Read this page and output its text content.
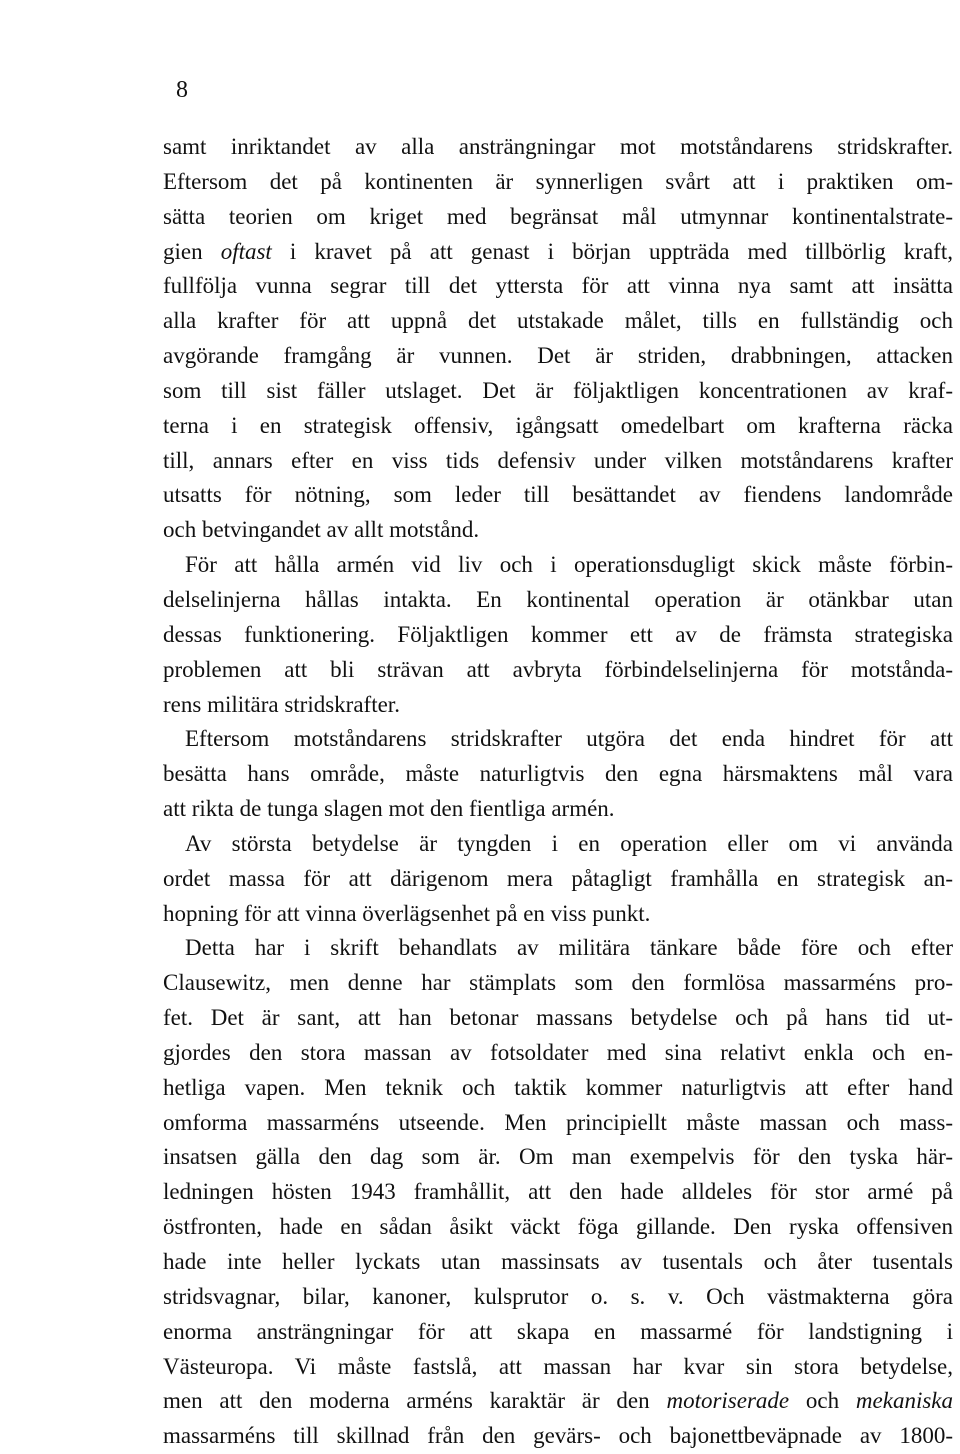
8
samt inriktandet av alla ansträngningar mot motståndarens stridskrafter.
Eftersom det på kontinenten är synnerligen svårt att i praktiken om-
sätta teorien om kriget med begränsat mål utmynnar kontinentalstrate-
gien oftast i kravet på att genast i början uppträda med tillbörlig kraft,
fullfölja vunna segrar till det yttersta för att vinna nya samt att insätta
alla krafter för att uppnå det utstakade målet, tills en fullständig och
avgörande framgång är vunnen. Det är striden, drabbningen, attacken
som till sist fäller utslaget. Det är följaktligen koncentrationen av kraf-
terna i en strategisk offensiv, igångsatt omedelbart om krafterna räcka
till, annars efter en viss tids defensiv under vilken motståndarens krafter
utsatts för nötning, som leder till besättandet av fiendens landområde
och betvingandet av allt motstånd.
För att hålla armén vid liv och i operationsdugligt skick måste förbin-
delselinjerna hållas intakta. En kontinental operation är otänkbar utan
dessas funktionering. Följaktligen kommer ett av de främsta strategiska
problemen att bli strävan att avbryta förbindelselinjerna för motstånda-
rens militära stridskrafter.
Eftersom motståndarens stridskrafter utgöra det enda hindret för att
besätta hans område, måste naturligtvis den egna härsmaktens mål vara
att rikta de tunga slagen mot den fientliga armén.
Av största betydelse är tyngden i en operation eller om vi använda
ordet massa för att därigenom mera påtagligt framhålla en strategisk an-
hopning för att vinna överlägsenhet på en viss punkt.
Detta har i skrift behandlats av militära tänkare både före och efter
Clausewitz, men denne har stämplats som den formlösa massarméns pro-
fet. Det är sant, att han betonar massans betydelse och på hans tid ut-
gjordes den stora massan av fotsoldater med sina relativt enkla och en-
hetliga vapen. Men teknik och taktik kommer naturligtvis att efter hand
omforma massarméns utseende. Men principiellt måste massan och mass-
insatsen gälla den dag som är. Om man exempelvis för den tyska här-
ledningen hösten 1943 framhållit, att den hade alldeles för stor armé på
östfronten, hade en sådan åsikt väckt föga gillande. Den ryska offensiven
hade inte heller lyckats utan massinsats av tusentals och åter tusentals
stridsvagnar, bilar, kanoner, kulsprutor o. s. v. Och västmakterna göra
enorma ansträngningar för att skapa en massarmé för landstigning i
Västeuropa. Vi måste fastslå, att massan har kvar sin stora betydelse,
men att den moderna arméns karaktär är den motoriserade och mekaniska
massarméns till skillnad från den gevärs- och bajonettbeväpnade av 1800-
